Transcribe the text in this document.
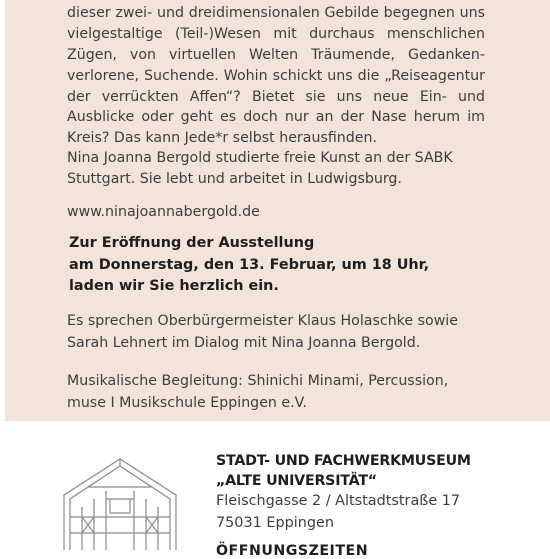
dieser zwei- und dreidimensionalen Gebilde begegnen uns
vielgestaltige (Teil-)Wesen mit durchaus menschlichen
Zügen, von virtuellen Welten Träumende, Gedanken-
verlorene, Suchende. Wohin schickt uns die „Reiseagentur
der verrückten Affen“? Bietet sie uns neue Ein- und
Ausblicke oder geht es doch nur an der Nase herum im
Kreis? Das kann Jede*r selbst herausfinden.
Nina Joanna Bergold studierte freie Kunst an der SABK
Stuttgart. Sie lebt und arbeitet in Ludwigsburg.
www.ninajoannabergold.de
Zur Eröffnung der Ausstellung
am Donnerstag, den 13. Februar, um 18 Uhr,
laden wir Sie herzlich ein.
Es sprechen Oberbürgermeister Klaus Holaschke sowie
Sarah Lehnert im Dialog mit Nina Joanna Bergold.
Musikalische Begleitung: Shinichi Minami, Percussion,
muse I Musikschule Eppingen e.V.
STADT- UND FACHWERKMUSEUM
„ALTE UNIVERSITÄT“
Fleischgasse 2 / Altstadtstraße 17
75031 Eppingen
ÖFFNUNGSZEITEN
